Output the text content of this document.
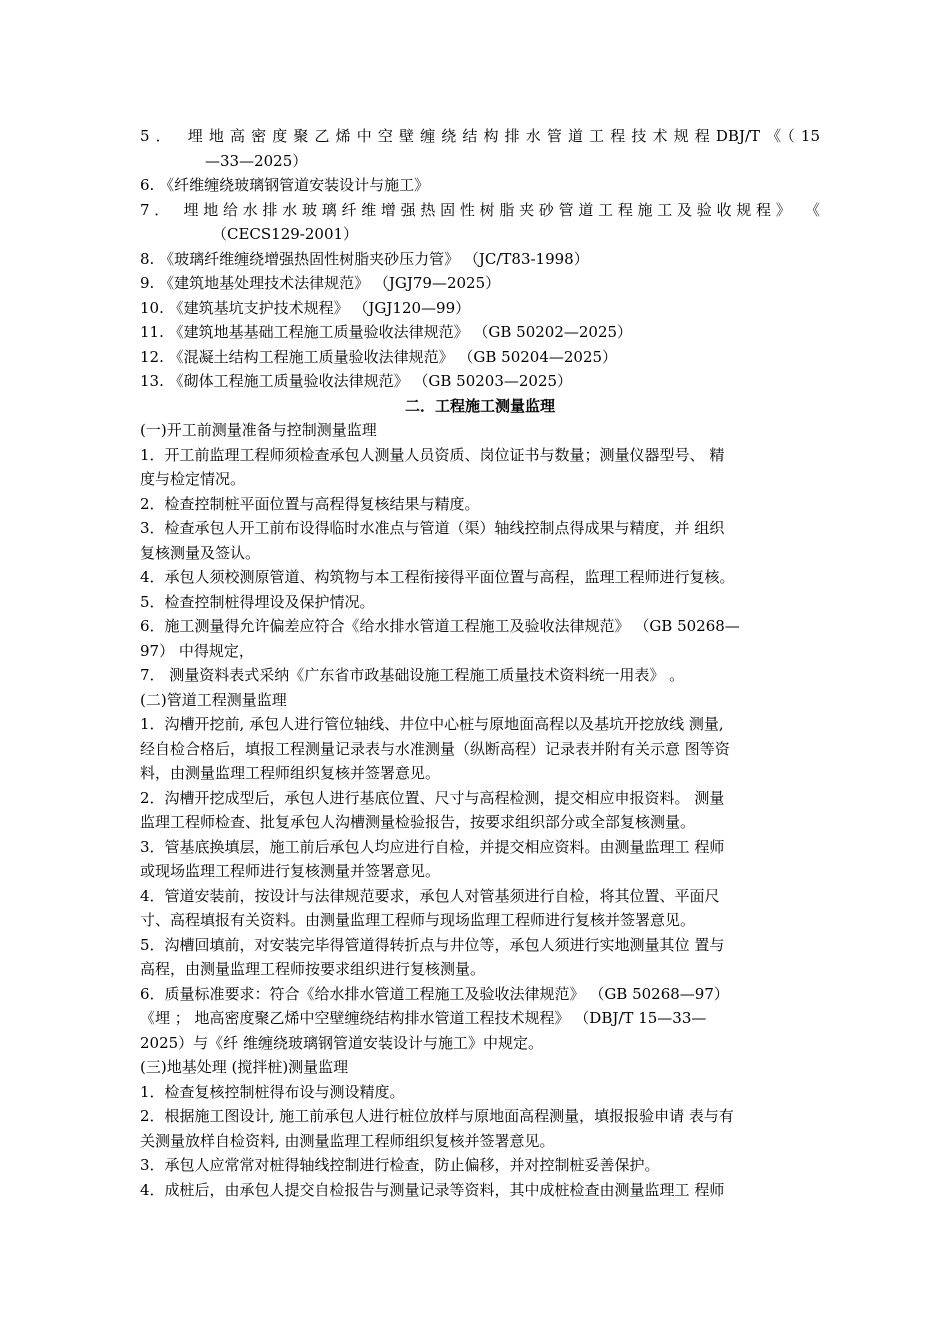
5． 埋地高密度聚乙烯中空壁缠绕结构排水管道工程技术规程DBJ/T《（15
—33—2025）
6. 《纤维缠绕玻璃钢管道安装设计与施工》
7． 埋地给水排水玻璃纤维增强热固性树脂夹砂管道工程施工及验收规程》 《
（CECS129-2001）
8. 《玻璃纤维缠绕增强热固性树脂夹砂压力管》 （JC/T83-1998）
9. 《建筑地基处理技术法律规范》 （JGJ79—2025）
10. 《建筑基坑支护技术规程》 （JGJ120—99）
11. 《建筑地基基础工程施工质量验收法律规范》 （GB 50202—2025）
12. 《混凝土结构工程施工质量验收法律规范》 （GB 50204—2025）
13. 《砌体工程施工质量验收法律规范》 （GB 50203—2025）
二．工程施工测量监理
(一)开工前测量准备与控制测量监理
1．开工前监理工程师须检查承包人测量人员资质、岗位证书与数量；测量仪器型号、 精
度与检定情况。
2．检查控制桩平面位置与高程得复核结果与精度。
3．检查承包人开工前布设得临时水准点与管道（渠）轴线控制点得成果与精度，并 组织
复核测量及签认。
4．承包人须校测原管道、构筑物与本工程衔接得平面位置与高程，监理工程师进行复核。
5．检查控制桩得埋设及保护情况。
6．施工测量得允许偏差应符合《给水排水管道工程施工及验收法律规范》 （GB 50268—
97） 中得规定，
7． 测量资料表式采纳《广东省市政基础设施工程施工质量技术资料统一用表》 。
(二)管道工程测量监理
1．沟槽开挖前, 承包人进行管位轴线、井位中心桩与原地面高程以及基坑开挖放线 测量,
经自检合格后，填报工程测量记录表与水准测量（纵断高程）记录表并附有关示意 图等资
料，由测量监理工程师组织复核并签署意见。
2．沟槽开挖成型后，承包人进行基底位置、尺寸与高程检测，提交相应申报资料。 测量
监理工程师检查、批复承包人沟槽测量检验报告，按要求组织部分或全部复核测量。
3．管基底换填层，施工前后承包人均应进行自检，并提交相应资料。由测量监理工 程师
或现场监理工程师进行复核测量并签署意见。
4．管道安装前，按设计与法律规范要求，承包人对管基须进行自检，将其位置、平面尺
寸、高程填报有关资料。由测量监理工程师与现场监理工程师进行复核并签署意见。
5．沟槽回填前，对安装完毕得管道得转折点与井位等，承包人须进行实地测量其位 置与
高程，由测量监理工程师按要求组织进行复核测量。
6．质量标准要求：符合《给水排水管道工程施工及验收法律规范》 （GB 50268—97）
《埋 ； 地高密度聚乙烯中空壁缠绕结构排水管道工程技术规程》 （DBJ/T 15—33—
2025）与《纤 维缠绕玻璃钢管道安装设计与施工》中规定。
(三)地基处理 (搅拌桩)测量监理
1．检查复核控制桩得布设与测设精度。
2．根据施工图设计, 施工前承包人进行桩位放样与原地面高程测量，填报报验申请 表与有
关测量放样自检资料, 由测量监理工程师组织复核并签署意见。
3．承包人应常常对桩得轴线控制进行检查，防止偏移，并对控制桩妥善保护。
4．成桩后，由承包人提交自检报告与测量记录等资料，其中成桩检查由测量监理工 程师
